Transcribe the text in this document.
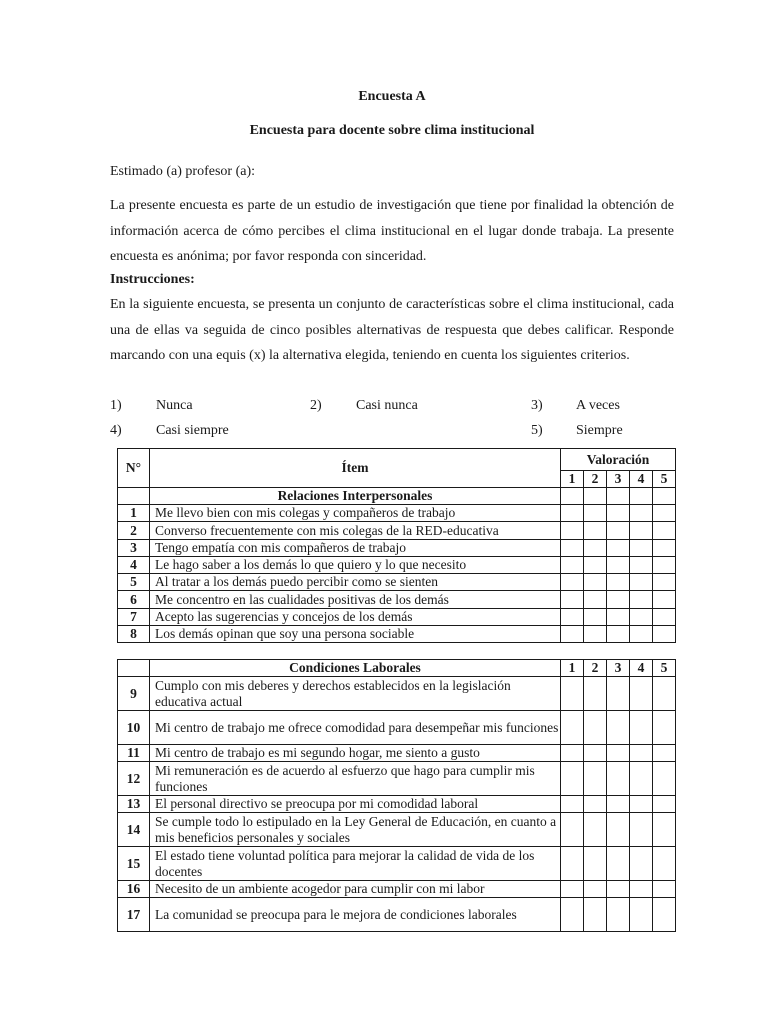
Encuesta A
Encuesta para docente sobre clima institucional
Estimado (a) profesor (a):
La presente encuesta es parte de un estudio de investigación que tiene por finalidad la obtención de información acerca de cómo percibes el clima institucional en el lugar donde trabaja. La presente encuesta es anónima; por favor responda con sinceridad.
Instrucciones:
En la siguiente encuesta, se presenta un conjunto de características sobre el clima institucional, cada una de ellas va seguida de cinco posibles alternativas de respuesta que debes calificar. Responde marcando con una equis (x) la alternativa elegida, teniendo en cuenta los siguientes criterios.
1) Nunca	2) Casi nunca	3) A veces
4) Casi siempre	5) Siempre
N°	Ítem	Valoración				
		1	2	3	4	5
	Relaciones Interpersonales					
1	Me llevo bien con mis colegas y compañeros de trabajo					
2	Converso frecuentemente con mis colegas de la RED-educativa					
3	Tengo empatía con mis compañeros de trabajo					
4	Le hago saber a los demás lo que quiero y lo que necesito					
5	Al tratar a los demás puedo percibir como se sienten					
6	Me concentro en las cualidades positivas de los demás					
7	Acepto las sugerencias y concejos de los demás					
8	Los demás opinan que soy una persona sociable					
	Condiciones Laborales	1	2	3	4	5
9	Cumplo con mis deberes y derechos establecidos en la legislación educativa actual					
10	Mi centro de trabajo me ofrece comodidad para desempeñar mis funciones					
11	Mi centro de trabajo es mi segundo hogar, me siento a gusto					
12	Mi remuneración es de acuerdo al esfuerzo que hago para cumplir mis funciones					
13	El personal directivo se preocupa por mi comodidad laboral					
14	Se cumple todo lo estipulado en la Ley General de Educación, en cuanto a mis beneficios personales y sociales					
15	El estado tiene voluntad política para mejorar la calidad de vida de los docentes					
16	Necesito de un ambiente acogedor para cumplir con mi labor					
17	La comunidad se preocupa para le mejora de condiciones laborales					
